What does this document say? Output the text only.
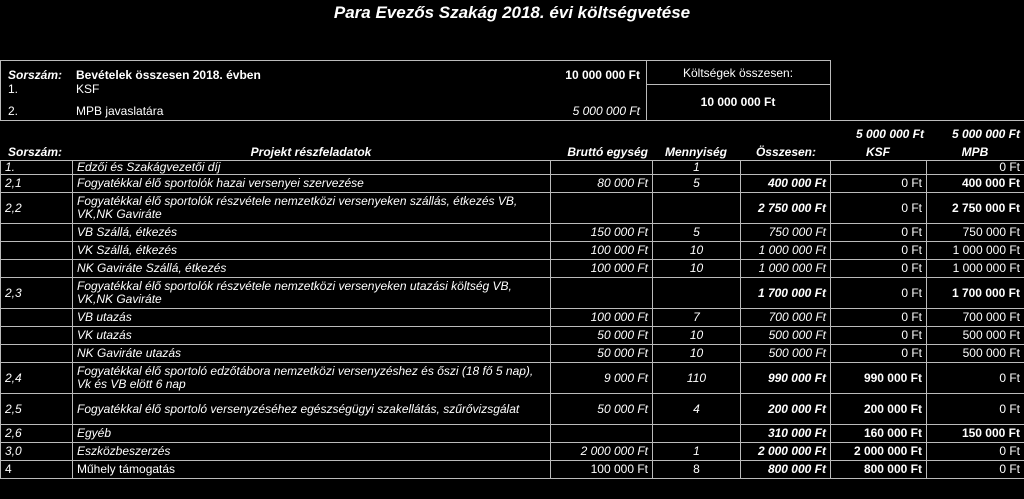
Para Evezős Szakág 2018. évi költségvetése
Sorszám: Bevételek összesen 2018. évben	10 000 000 Ft	Költségek összesen:
10 000 000 Ft
1.	KSF
2.	MPB javaslatára	5 000 000 Ft
5 000 000 Ft	5 000 000 Ft
Sorszám:	Projekt részfeladatok	Bruttó egység	Mennyiség	Összesen:	KSF	MPB
1.	Edzői és Szakágvezetői díj		1			0 Ft
2,1	Fogyatékkal élő sportolók hazai versenyei szervezése	80 000 Ft	5	400 000 Ft	0 Ft	400 000 Ft
2,2	Fogyatékkal élő sportolók részvétele nemzetközi versenyeken szállás, étkezés VB, VK,NK Gaviráte			2 750 000 Ft	0 Ft	2 750 000 Ft
	VB Szállá, étkezés	150 000 Ft	5	750 000 Ft	0 Ft	750 000 Ft
	VK Szállá, étkezés	100 000 Ft	10	1 000 000 Ft	0 Ft	1 000 000 Ft
	NK Gaviráte Szállá, étkezés	100 000 Ft	10	1 000 000 Ft	0 Ft	1 000 000 Ft
2,3	Fogyatékkal élő sportolók részvétele nemzetközi versenyeken utazási költség VB, VK,NK Gaviráte			1 700 000 Ft	0 Ft	1 700 000 Ft
	VB utazás	100 000 Ft	7	700 000 Ft	0 Ft	700 000 Ft
	VK utazás	50 000 Ft	10	500 000 Ft	0 Ft	500 000 Ft
	NK Gaviráte utazás	50 000 Ft	10	500 000 Ft	0 Ft	500 000 Ft
2,4	Fogyatékkal élő sportoló edzőtábora nemzetközi versenyzéshez és őszi (18 fő 5 nap), Vk és VB elött 6 nap	9 000 Ft	110	990 000 Ft	990 000 Ft	0 Ft
2,5	Fogyatékkal élő sportoló versenyzéséhez egészségügyi szakellátás, szűrővizsgálat	50 000 Ft	4	200 000 Ft	200 000 Ft	0 Ft
2,6	Egyéb			310 000 Ft	160 000 Ft	150 000 Ft
3,0	Eszközbeszerzés	2 000 000 Ft	1	2 000 000 Ft	2 000 000 Ft	0 Ft
4	Műhely támogatás	100 000 Ft	8	800 000 Ft	800 000 Ft	0 Ft
